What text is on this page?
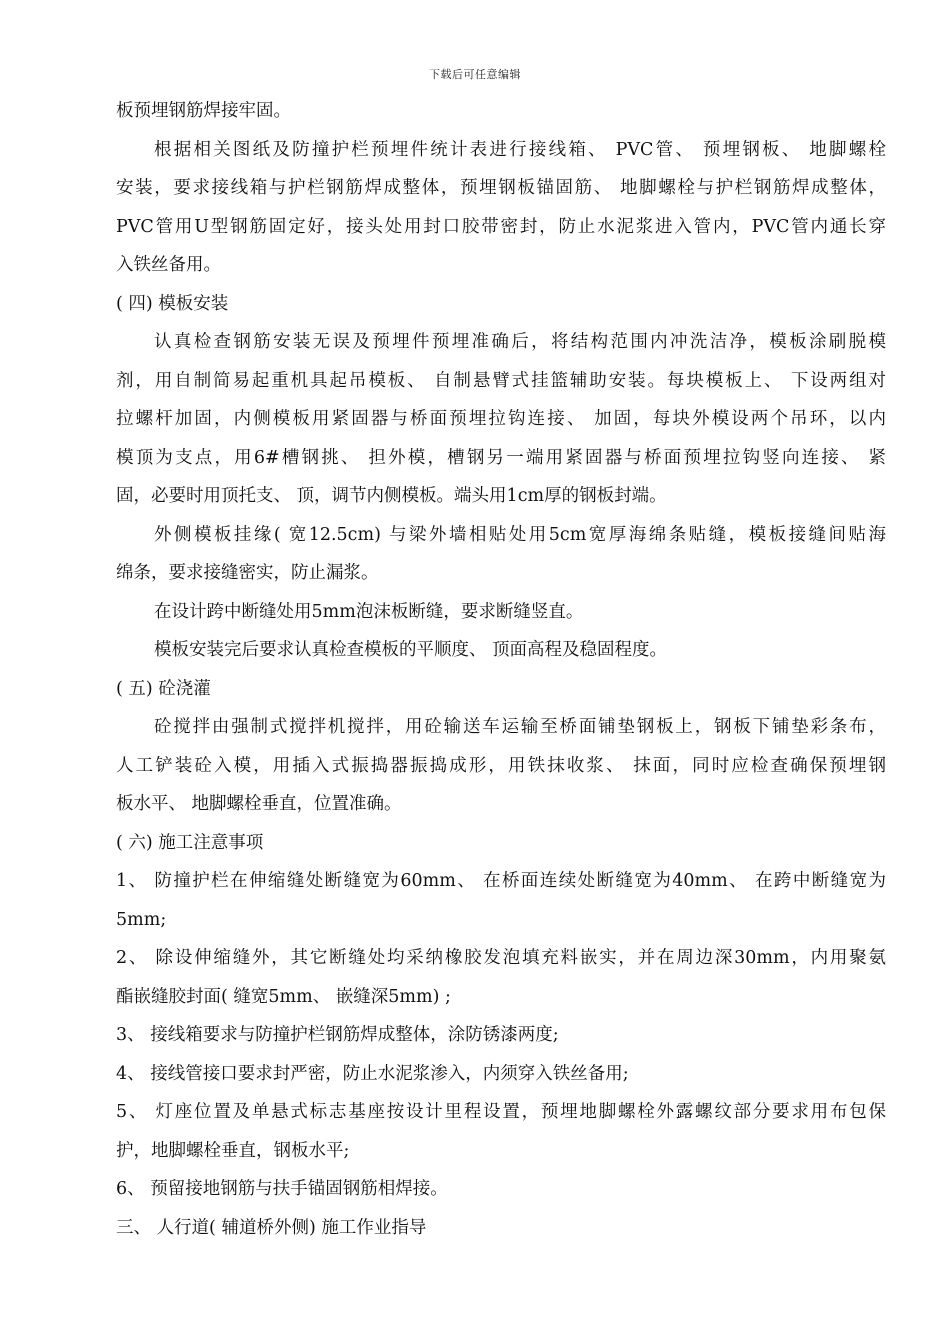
下载后可任意编辑
板预埋钢筋焊接牢固。
根据相关图纸及防撞护栏预埋件统计表进行接线箱、 PVC管、 预埋钢板、 地脚螺栓
安装，要求接线箱与护栏钢筋焊成整体，预埋钢板锚固筋、 地脚螺栓与护栏钢筋焊成整体，
PVC管用U型钢筋固定好，接头处用封口胶带密封，防止水泥浆进入管内，PVC管内通长穿
入铁丝备用。
( 四) 模板安装
认真检查钢筋安装无误及预埋件预埋准确后，将结构范围内冲洗洁净，模板涂刷脱模
剂，用自制简易起重机具起吊模板、 自制悬臂式挂篮辅助安装。每块模板上、 下设两组对
拉螺杆加固，内侧模板用紧固器与桥面预埋拉钩连接、 加固，每块外模设两个吊环，以内
模顶为支点，用6#槽钢挑、 担外模，槽钢另一端用紧固器与桥面预埋拉钩竖向连接、 紧
固，必要时用顶托支、 顶，调节内侧模板。端头用1cm厚的钢板封端。
外侧模板挂缘( 宽12.5cm) 与梁外墙相贴处用5cm宽厚海绵条贴缝，模板接缝间贴海
绵条，要求接缝密实，防止漏浆。
在设计跨中断缝处用5mm泡沫板断缝，要求断缝竖直。
模板安装完后要求认真检查模板的平顺度、 顶面高程及稳固程度。
( 五) 砼浇灌
砼搅拌由强制式搅拌机搅拌，用砼输送车运输至桥面铺垫钢板上，钢板下铺垫彩条布，
人工铲装砼入模，用插入式振捣器振捣成形，用铁抹收浆、 抹面，同时应检查确保预埋钢
板水平、 地脚螺栓垂直，位置准确。
( 六) 施工注意事项
1、 防撞护栏在伸缩缝处断缝宽为60mm、 在桥面连续处断缝宽为40mm、 在跨中断缝宽为
5mm;
2、 除设伸缩缝外，其它断缝处均采纳橡胶发泡填充料嵌实，并在周边深30mm，内用聚氨
酯嵌缝胶封面( 缝宽5mm、 嵌缝深5mm) ;
3、 接线箱要求与防撞护栏钢筋焊成整体，涂防锈漆两度;
4、 接线管接口要求封严密，防止水泥浆渗入，内须穿入铁丝备用;
5、 灯座位置及单悬式标志基座按设计里程设置，预埋地脚螺栓外露螺纹部分要求用布包保
护，地脚螺栓垂直，钢板水平;
6、 预留接地钢筋与扶手锚固钢筋相焊接。
三、 人行道( 辅道桥外侧) 施工作业指导
